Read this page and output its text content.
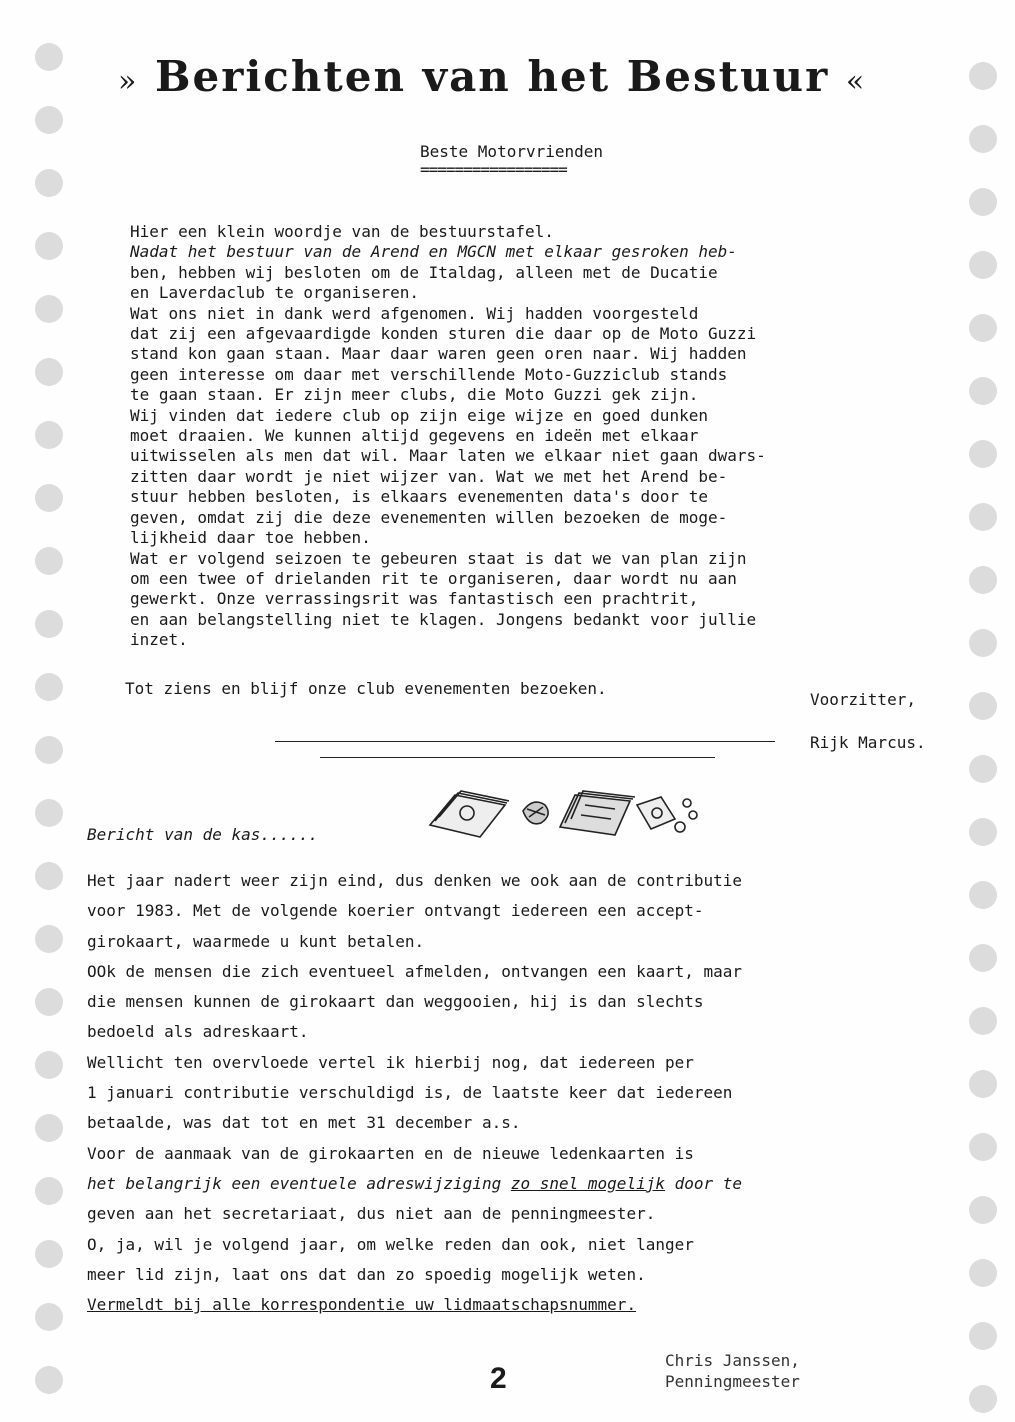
» Berichten van het Bestuur «
Beste Motorvrienden
=================
Hier een klein woordje van de bestuurstafel.
Nadat het bestuur van de Arend en MGCN met elkaar gesroken heb-
ben, hebben wij besloten om de Italdag, alleen met de Ducatie
en Laverdaclub te organiseren.
Wat ons niet in dank werd afgenomen. Wij hadden voorgesteld
dat zij een afgevaardigde konden sturen die daar op de Moto Guzzi
stand kon gaan staan. Maar daar waren geen oren naar. Wij hadden
geen interesse om daar met verschillende Moto-Guzziclub stands
te gaan staan. Er zijn meer clubs, die Moto Guzzi gek zijn.
Wij vinden dat iedere club op zijn eige wijze en goed dunken
moet draaien. We kunnen altijd gegevens en ideën met elkaar
uitwisselen als men dat wil. Maar laten we elkaar niet gaan dwars-
zitten daar wordt je niet wijzer van. Wat we met het Arend be-
stuur hebben besloten, is elkaars evenementen data's door te
geven, omdat zij die deze evenementen willen bezoeken de moge-
lijkheid daar toe hebben.
Wat er volgend seizoen te gebeuren staat is dat we van plan zijn
om een twee of drielanden rit te organiseren, daar wordt nu aan
gewerkt. Onze verrassingsrit was fantastisch een prachtrit,
en aan belangstelling niet te klagen. Jongens bedankt voor jullie
inzet.
Tot ziens en blijf onze club evenementen bezoeken.
Voorzitter,
Rijk Marcus.
Bericht van de kas......
Het jaar nadert weer zijn eind, dus denken we ook aan de contributie
voor 1983. Met de volgende koerier ontvangt iedereen een accept-
girokaart, waarmede u kunt betalen.
OOk de mensen die zich eventueel afmelden, ontvangen een kaart, maar
die mensen kunnen de girokaart dan weggooien, hij is dan slechts
bedoeld als adreskaart.
Wellicht ten overvloede vertel ik hierbij nog, dat iedereen per
1 januari contributie verschuldigd is, de laatste keer dat iedereen
betaalde, was dat tot en met 31 december a.s.
Voor de aanmaak van de girokaarten en de nieuwe ledenkaarten is
het belangrijk een eventuele adreswijziging zo snel mogelijk door te
geven aan het secretariaat, dus niet aan de penningmeester.
O, ja, wil je volgend jaar, om welke reden dan ook, niet langer
meer lid zijn, laat ons dat dan zo spoedig mogelijk weten.
Vermeldt bij alle korrespondentie uw lidmaatschapsnummer.
2
Chris Janssen,
Penningmeester
